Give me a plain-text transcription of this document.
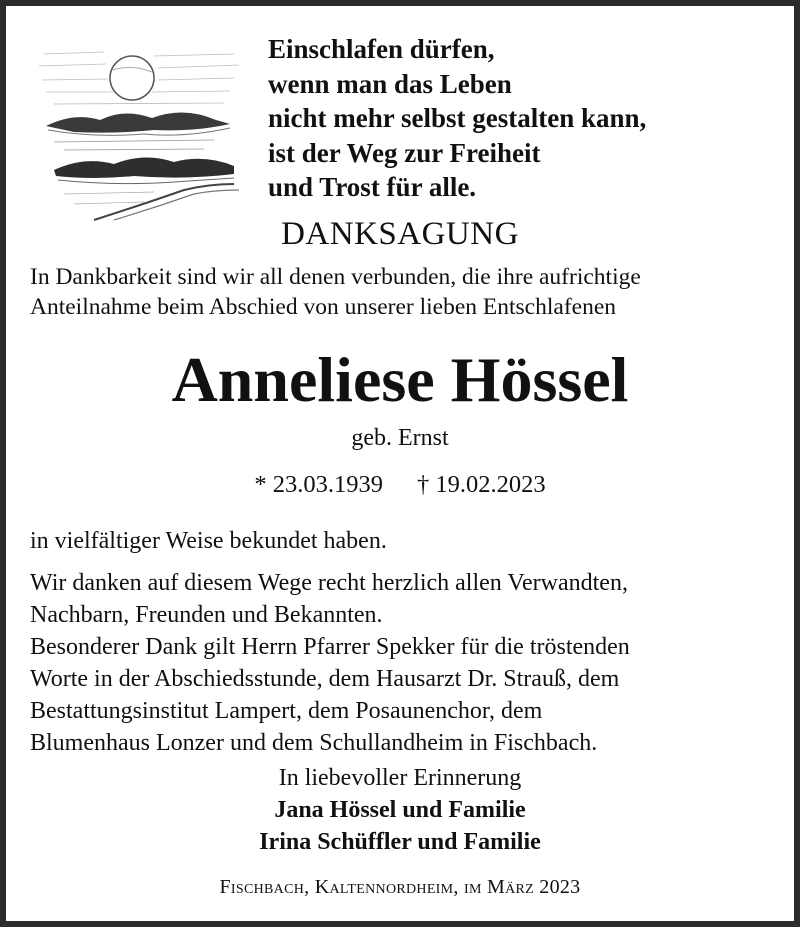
Einschlafen dürfen,
wenn man das Leben
nicht mehr selbst gestalten kann,
ist der Weg zur Freiheit
und Trost für alle.
DANKSAGUNG
In Dankbarkeit sind wir all denen verbunden, die ihre aufrichtige
Anteilnahme beim Abschied von unserer lieben Entschlafenen
Anneliese Hössel
geb. Ernst
* 23.03.1939 † 19.02.2023
in vielfältiger Weise bekundet haben.
Wir danken auf diesem Wege recht herzlich allen Verwandten,
Nachbarn, Freunden und Bekannten.
Besonderer Dank gilt Herrn Pfarrer Spekker für die tröstenden
Worte in der Abschiedsstunde, dem Hausarzt Dr. Strauß, dem
Bestattungsinstitut Lampert, dem Posaunenchor, dem
Blumenhaus Lonzer und dem Schullandheim in Fischbach.
In liebevoller Erinnerung
Jana Hössel und Familie
Irina Schüffler und Familie
Fischbach, Kaltennordheim, im März 2023
